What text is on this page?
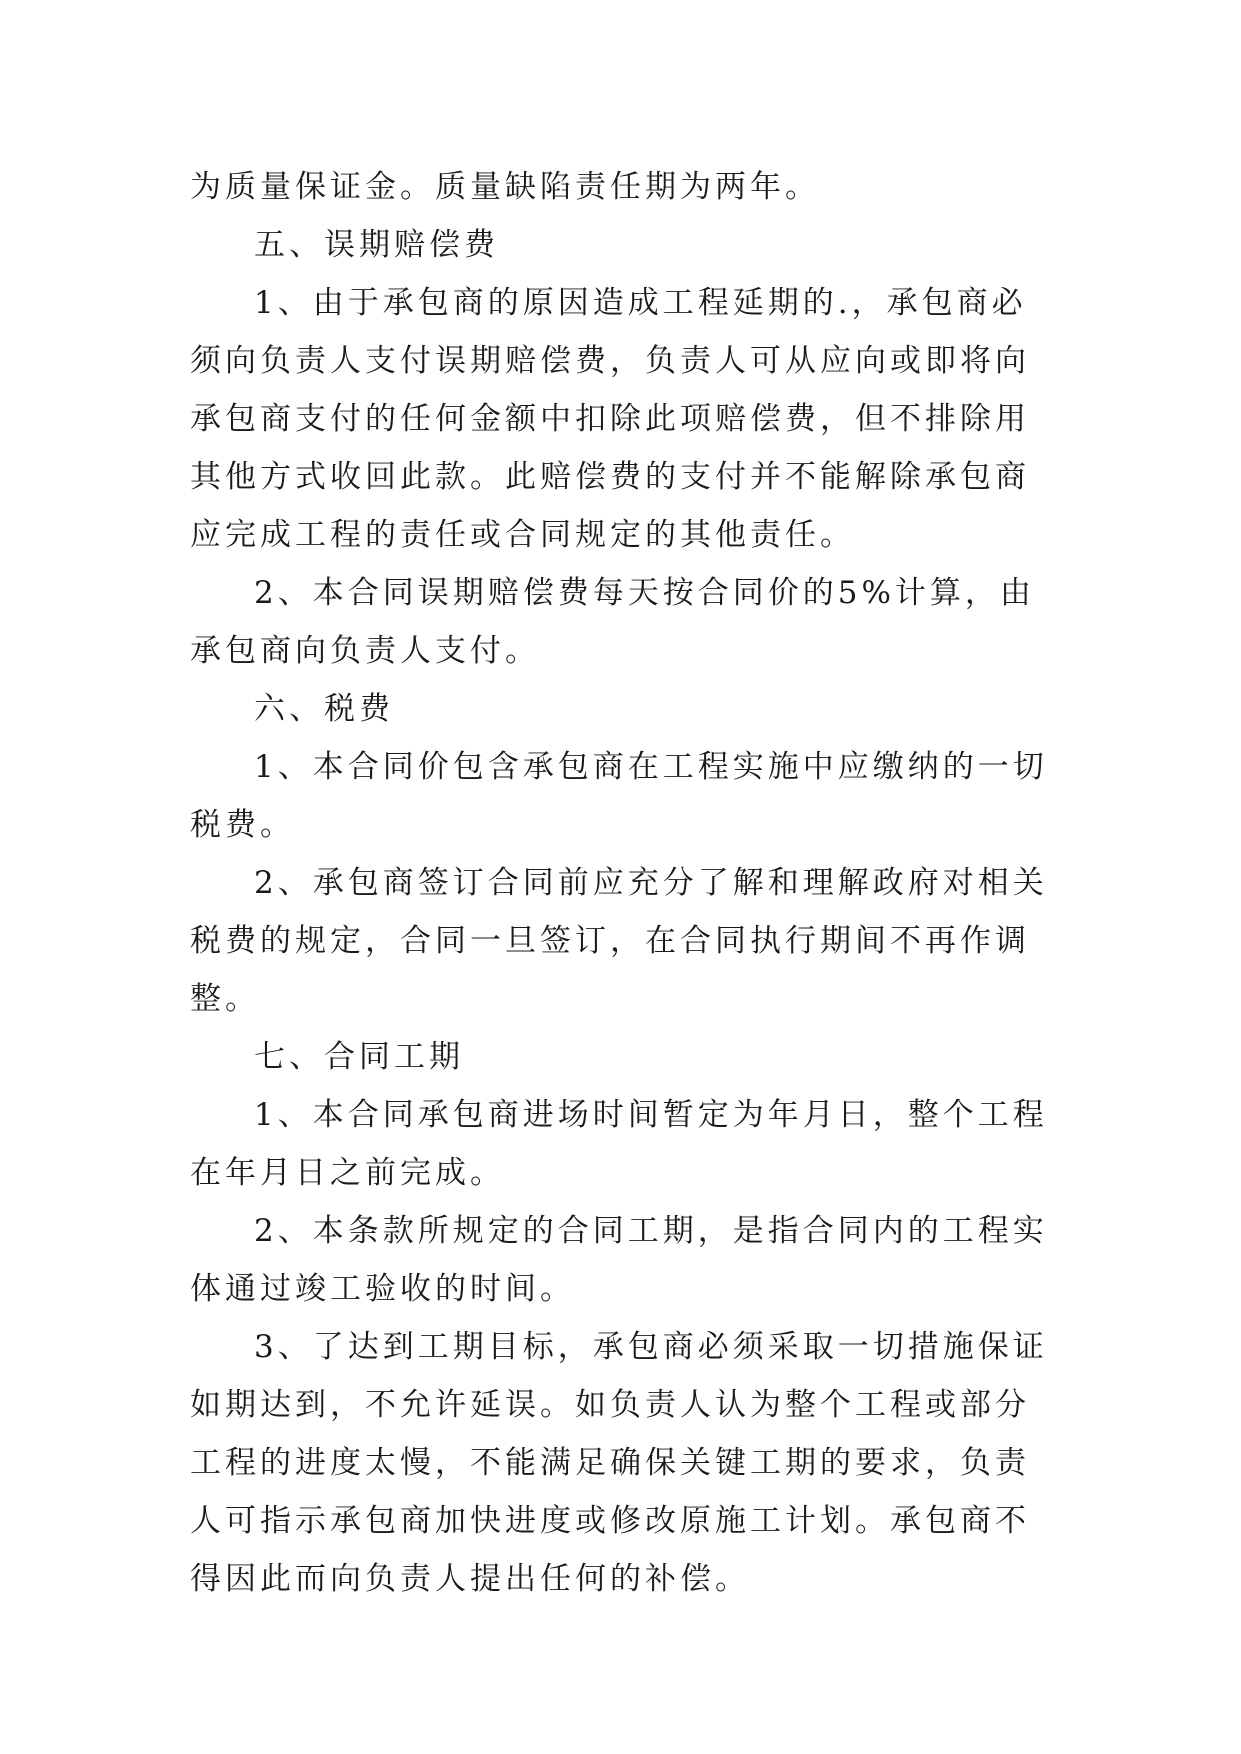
为质量保证金。质量缺陷责任期为两年。

五、误期赔偿费

1、由于承包商的原因造成工程延期的.，承包商必须向负责人支付误期赔偿费，负责人可从应向或即将向承包商支付的任何金额中扣除此项赔偿费，但不排除用其他方式收回此款。此赔偿费的支付并不能解除承包商应完成工程的责任或合同规定的其他责任。

2、本合同误期赔偿费每天按合同价的5%计算，由承包商向负责人支付。

六、税费

1、本合同价包含承包商在工程实施中应缴纳的一切税费。

2、承包商签订合同前应充分了解和理解政府对相关税费的规定，合同一旦签订，在合同执行期间不再作调整。

七、合同工期

1、本合同承包商进场时间暂定为年月日，整个工程在年月日之前完成。

2、本条款所规定的合同工期，是指合同内的工程实体通过竣工验收的时间。

3、了达到工期目标，承包商必须采取一切措施保证如期达到，不允许延误。如负责人认为整个工程或部分工程的进度太慢，不能满足确保关键工期的要求，负责人可指示承包商加快进度或修改原施工计划。承包商不得因此而向负责人提出任何的补偿。
